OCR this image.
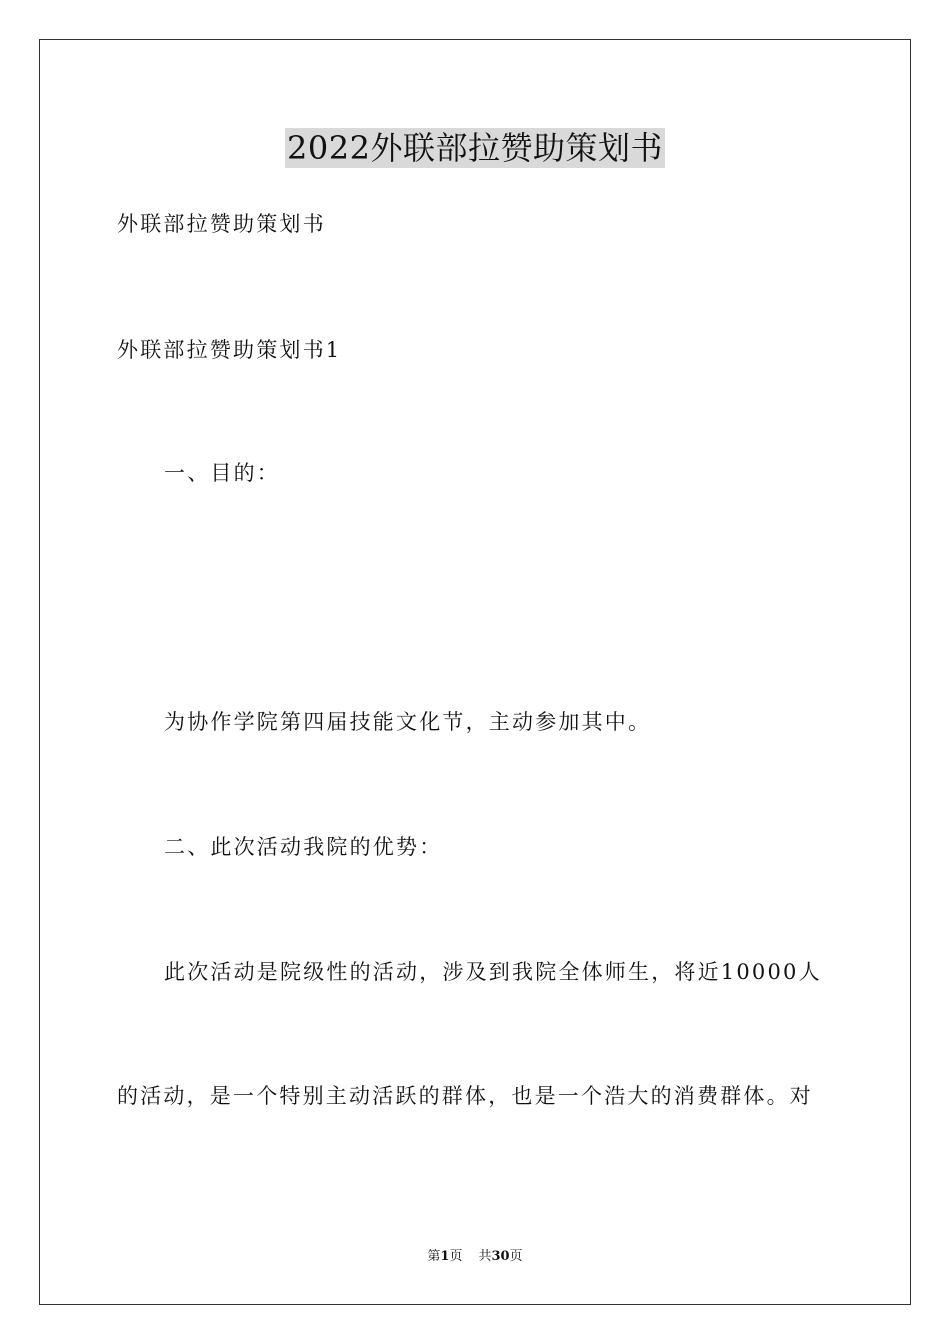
2022外联部拉赞助策划书
外联部拉赞助策划书
外联部拉赞助策划书1
一、目的：
为协作学院第四届技能文化节，主动参加其中。
二、此次活动我院的优势：
此次活动是院级性的活动，涉及到我院全体师生，将近10000人
的活动，是一个特别主动活跃的群体，也是一个浩大的消费群体。对
第1页 共30页
